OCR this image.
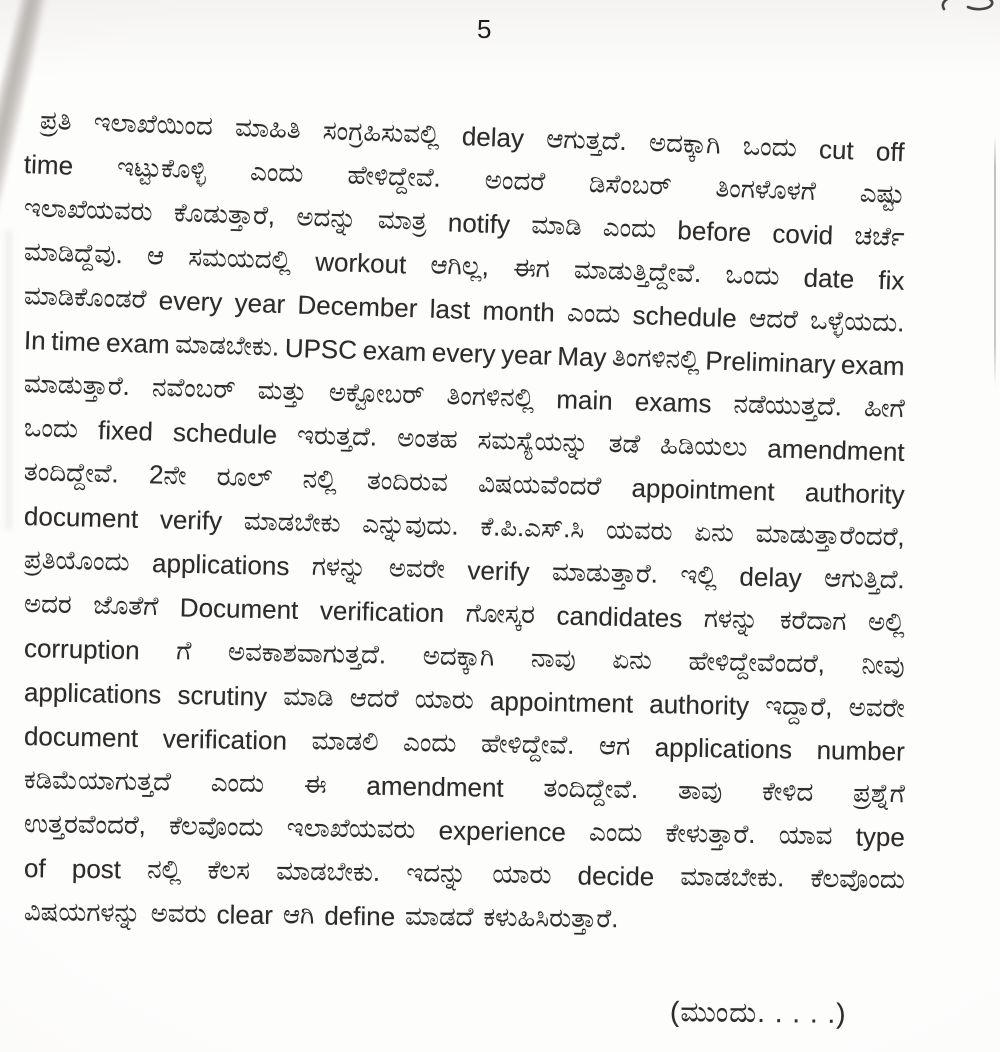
5
ಪ್ರತಿ ಇಲಾಖೆಯಿಂದ ಮಾಹಿತಿ ಸಂಗ್ರಹಿಸುವಲ್ಲಿ delay ಆಗುತ್ತದೆ. ಅದಕ್ಕಾಗಿ ಒಂದು cut off
time ಇಟ್ಟುಕೊಳ್ಳಿ ಎಂದು ಹೇಳಿದ್ದೇವೆ. ಅಂದರೆ ಡಿಸೆಂಬರ್ ತಿಂಗಳೊಳಗೆ ಎಷ್ಟು
ಇಲಾಖೆಯವರು ಕೊಡುತ್ತಾರೆ, ಅದನ್ನು ಮಾತ್ರ notify ಮಾಡಿ ಎಂದು before covid ಚರ್ಚೆ
ಮಾಡಿದ್ದೆವು. ಆ ಸಮಯದಲ್ಲಿ workout ಆಗಿಲ್ಲ, ಈಗ ಮಾಡುತ್ತಿದ್ದೇವೆ. ಒಂದು date fix
ಮಾಡಿಕೊಂಡರೆ every year December last month ಎಂದು schedule ಆದರೆ ಒಳ್ಳೆಯದು.
In time exam ಮಾಡಬೇಕು. UPSC exam every year May ತಿಂಗಳಿನಲ್ಲಿ Preliminary exam
ಮಾಡುತ್ತಾರೆ. ನವೆಂಬರ್ ಮತ್ತು ಅಕ್ಟೋಬರ್ ತಿಂಗಳಿನಲ್ಲಿ main exams ನಡೆಯುತ್ತದೆ. ಹೀಗೆ
ಒಂದು fixed schedule ಇರುತ್ತದೆ. ಅಂತಹ ಸಮಸ್ಯೆಯನ್ನು ತಡೆ ಹಿಡಿಯಲು amendment
ತಂದಿದ್ದೇವೆ. 2ನೇ ರೂಲ್ ನಲ್ಲಿ ತಂದಿರುವ ವಿಷಯವೆಂದರೆ appointment authority
document verify ಮಾಡಬೇಕು ಎನ್ನುವುದು. ಕೆ.ಪಿ.ಎಸ್.ಸಿ ಯವರು ಏನು ಮಾಡುತ್ತಾರೆಂದರೆ,
ಪ್ರತಿಯೊಂದು applications ಗಳನ್ನು ಅವರೇ verify ಮಾಡುತ್ತಾರೆ. ಇಲ್ಲಿ delay ಆಗುತ್ತಿದೆ.
ಅದರ ಜೊತೆಗೆ Document verification ಗೋಸ್ಕರ candidates ಗಳನ್ನು ಕರೆದಾಗ ಅಲ್ಲಿ
corruption ಗೆ ಅವಕಾಶವಾಗುತ್ತದೆ. ಅದಕ್ಕಾಗಿ ನಾವು ಏನು ಹೇಳಿದ್ದೇವೆಂದರೆ, ನೀವು
applications scrutiny ಮಾಡಿ ಆದರೆ ಯಾರು appointment authority ಇದ್ದಾರೆ, ಅವರೇ
document verification ಮಾಡಲಿ ಎಂದು ಹೇಳಿದ್ದೇವೆ. ಆಗ applications number
ಕಡಿಮೆಯಾಗುತ್ತದೆ ಎಂದು ಈ amendment ತಂದಿದ್ದೇವೆ. ತಾವು ಕೇಳಿದ ಪ್ರಶ್ನೆಗೆ
ಉತ್ತರವೆಂದರೆ, ಕೆಲವೊಂದು ಇಲಾಖೆಯವರು experience ಎಂದು ಕೇಳುತ್ತಾರೆ. ಯಾವ type
of post ನಲ್ಲಿ ಕೆಲಸ ಮಾಡಬೇಕು. ಇದನ್ನು ಯಾರು decide ಮಾಡಬೇಕು. ಕೆಲವೊಂದು
ವಿಷಯಗಳನ್ನು ಅವರು clear ಆಗಿ define ಮಾಡದೆ ಕಳುಹಿಸಿರುತ್ತಾರೆ.
(ಮುಂದು. . . . .)
